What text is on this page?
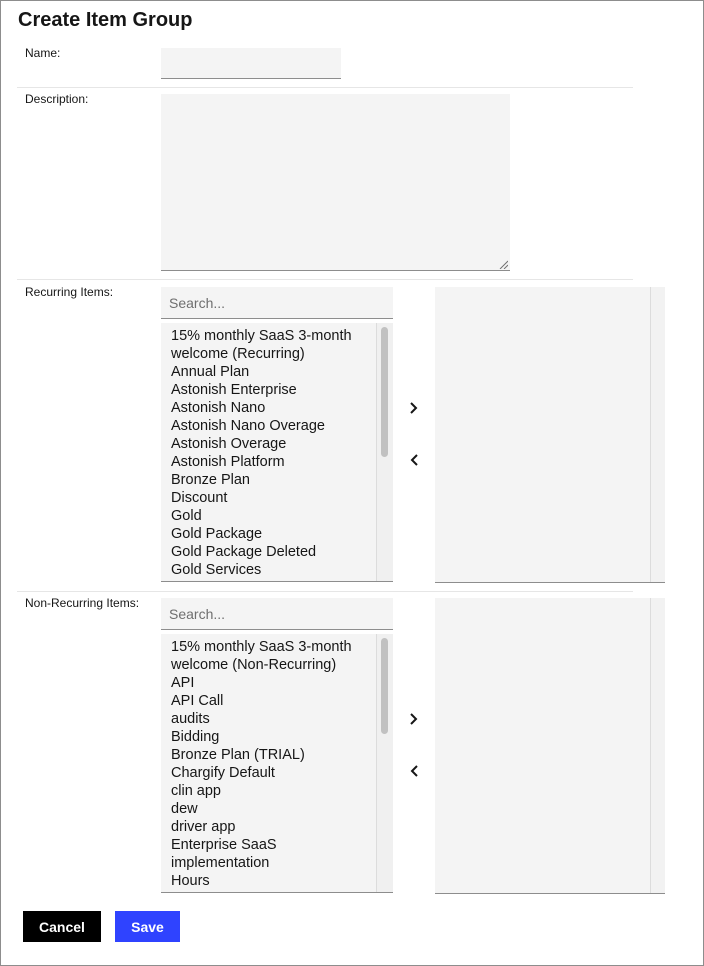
Create Item Group
Name:
Description:
Recurring Items:
Search...
15% monthly SaaS 3-month welcome (Recurring)
Annual Plan
Astonish Enterprise
Astonish Nano
Astonish Nano Overage
Astonish Overage
Astonish Platform
Bronze Plan
Discount
Gold
Gold Package
Gold Package Deleted
Gold Services
Non-Recurring Items:
Search...
15% monthly SaaS 3-month welcome (Non-Recurring)
API
API Call
audits
Bidding
Bronze Plan (TRIAL)
Chargify Default
clin app
dew
driver app
Enterprise SaaS implementation
Hours
Cancel	Save
